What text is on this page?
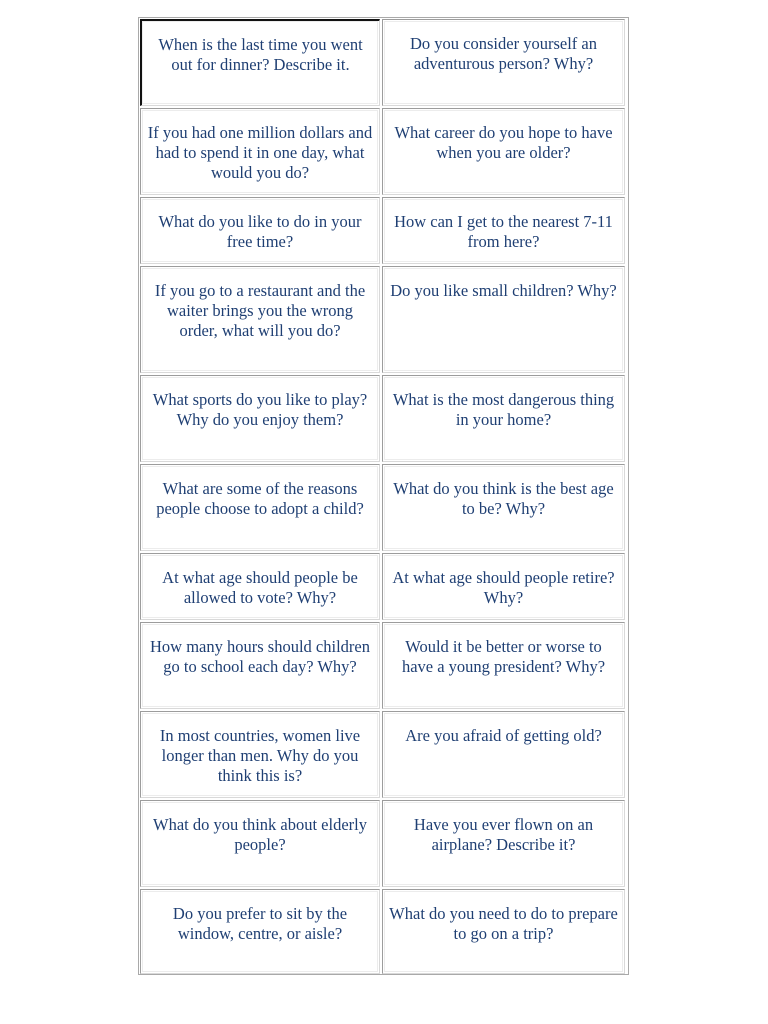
When is the last time you went out for dinner? Describe it.
Do you consider yourself an adventurous person? Why?
If you had one million dollars and had to spend it in one day, what would you do?
What career do you hope to have when you are older?
What do you like to do in your free time?
How can I get to the nearest 7-11 from here?
If you go to a restaurant and the waiter brings you the wrong order, what will you do?
Do you like small children? Why?
What sports do you like to play? Why do you enjoy them?
What is the most dangerous thing in your home?
What are some of the reasons people choose to adopt a child?
What do you think is the best age to be? Why?
At what age should people be allowed to vote? Why?
At what age should people retire? Why?
How many hours should children go to school each day? Why?
Would it be better or worse to have a young president? Why?
In most countries, women live longer than men. Why do you think this is?
Are you afraid of getting old?
What do you think about elderly people?
Have you ever flown on an airplane? Describe it?
Do you prefer to sit by the window, centre, or aisle?
What do you need to do to prepare to go on a trip?
